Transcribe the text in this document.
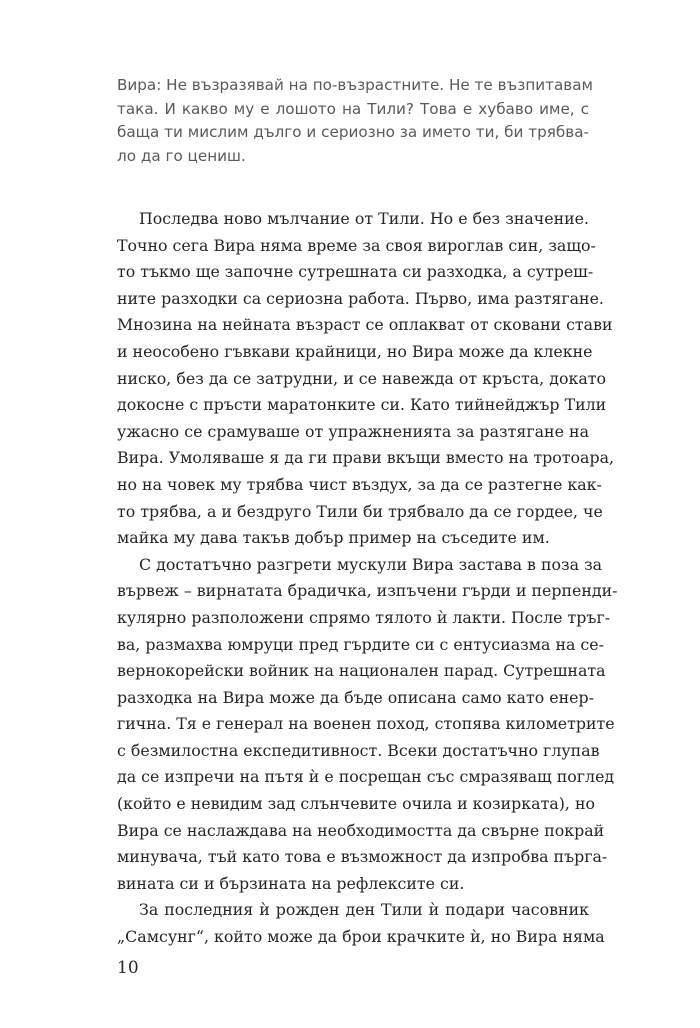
Вира: Не възразявай на по-възрастните. Не те възпитавам
така. И какво му е лошото на Тили? Това е хубаво име, с
баща ти мислим дълго и сериозно за името ти, би трябва-
ло да го цениш.
Последва ново мълчание от Тили. Но е без значение.
Точно сега Вира няма време за своя вироглав син, защо-
то тъкмо ще започне сутрешната си разходка, а сутреш-
ните разходки са сериозна работа. Първо, има разтягане.
Мнозина на нейната възраст се оплакват от сковани стави
и неособено гъвкави крайници, но Вира може да клекне
ниско, без да се затрудни, и се навежда от кръста, докато
докосне с пръсти маратонките си. Като тийнейджър Тили
ужасно се срамуваше от упражненията за разтягане на
Вира. Умоляваше я да ги прави вкъщи вместо на тротоара,
но на човек му трябва чист въздух, за да се разтегне как-
то трябва, а и бездруго Тили би трябвало да се гордее, че
майка му дава такъв добър пример на съседите им.
С достатъчно разгрети мускули Вира застава в поза за
вървеж – вирнатата брадичка, изпъчени гърди и перпенди-
кулярно разположени спрямо тялото ѝ лакти. После тръг-
ва, размахва юмруци пред гърдите си с ентусиазма на се-
вернокорейски войник на национален парад. Сутрешната
разходка на Вира може да бъде описана само като енер-
гична. Тя е генерал на военен поход, стопява километрите
с безмилостна експедитивност. Всеки достатъчно глупав
да се изпречи на пътя ѝ е посрещан със смразяващ поглед
(който е невидим зад слънчевите очила и козирката), но
Вира се наслаждава на необходимостта да свърне покрай
минувача, тъй като това е възможност да изпробва пъргa-
вината си и бързината на рефлексите си.
За последния ѝ рожден ден Тили ѝ подари часовник
„Самсунг“, който може да брои крачките ѝ, но Вира няма
10
